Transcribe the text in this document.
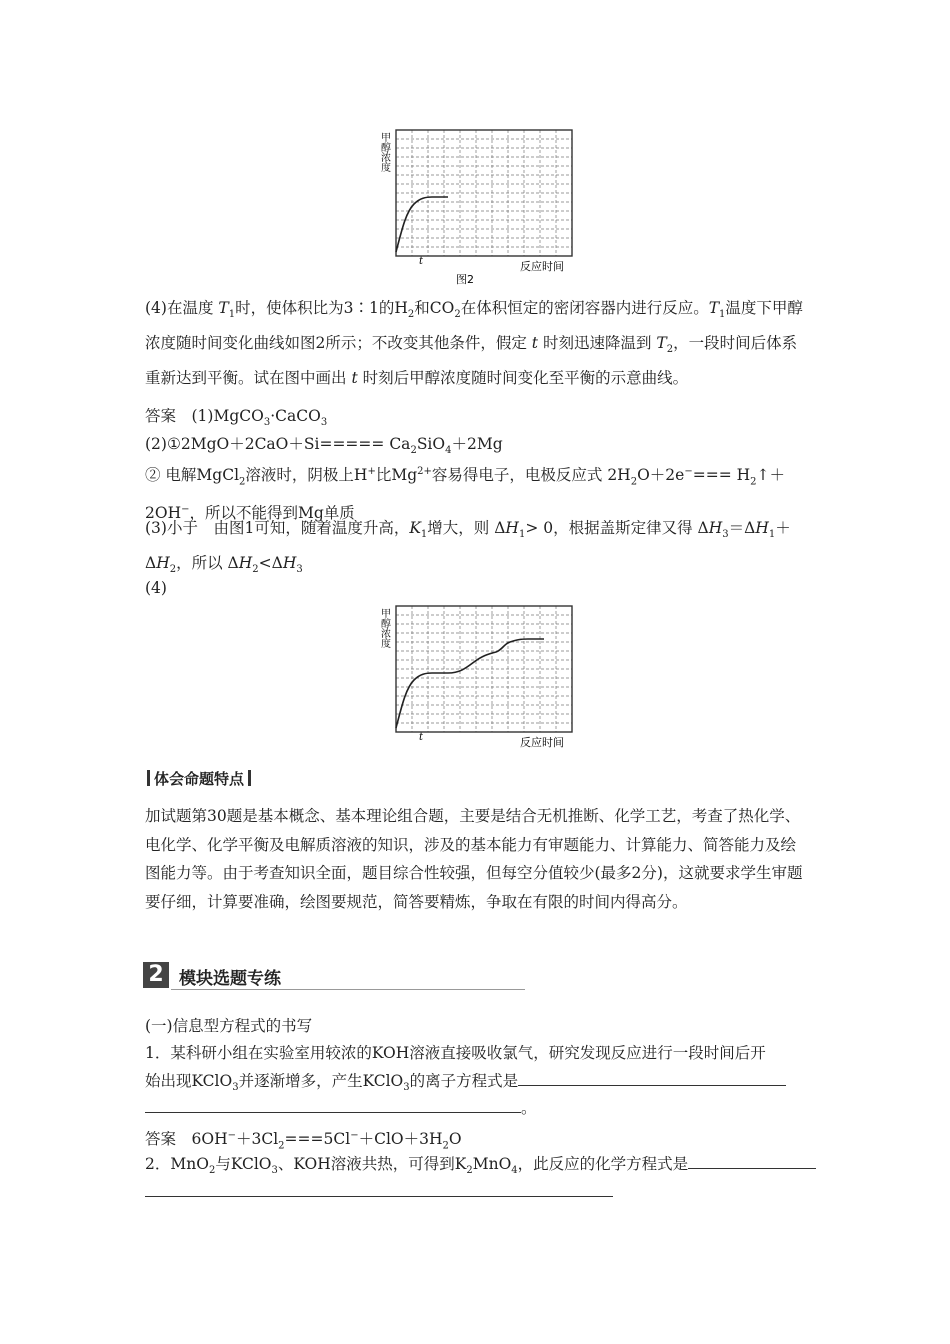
甲醇浓度
t	反应时间
图2
(4)在温度 $T_1$时，使体积比为3∶1的$H_2$和$CO_2$在体积恒定的密闭容器内进行反应。$T_1$温度下甲醇浓度随时间变化曲线如图2所示；不改变其他条件，假定 t 时刻迅速降温到 $T_2$，一段时间后体系重新达到平衡。试在图中画出 t 时刻后甲醇浓度随时间变化至平衡的示意曲线。
答案　(1)MgCO$_3$·CaCO$_3$
(2)①2MgO＋2CaO＋Si===== $Ca_2SiO_4+2Mg$
② 电解MgCl$_2$溶液时，阴极上H+比$Mg^{2+}$容易得电子，电极反应式 $2H_2O+2e^-===$ $H_2↑+2OH^-$，所以不能得到Mg单质
(3)小于　由图1可知，随着温度升高，$K_1$增大，则 $\Delta H_1> 0$，根据盖斯定律又得 $\Delta H_3=\Delta H_1+\Delta H_2$，所以 $\Delta H_2<\Delta H_3$
(4)
甲醇浓度
t	反应时间
体会命题特点
加试题第30题是基本概念、基本理论组合题，主要是结合无机推断、化学工艺，考查了热化学、电化学、化学平衡及电解质溶液的知识，涉及的基本能力有审题能力、计算能力、简答能力及绘图能力等。由于考查知识全面，题目综合性较强，但每空分值较少(最多2分)，这就要求学生审题要仔细，计算要准确，绘图要规范，简答要精炼，争取在有限的时间内得高分。
2 模块选题专练
(一)信息型方程式的书写
1．某科研小组在实验室用较浓的KOH溶液直接吸收氯气，研究发现反应进行一段时间后开
始出现KClO$_3$并逐渐增多，产生KClO$_3$的离子方程式是
。
答案　$6OH^-+3Cl_2===5Cl^-+ClO+3H_2O$
2．MnO$_2$与KClO$_3$、KOH溶液共热，可得到$K_2MnO_4$，此反应的化学方程式是
